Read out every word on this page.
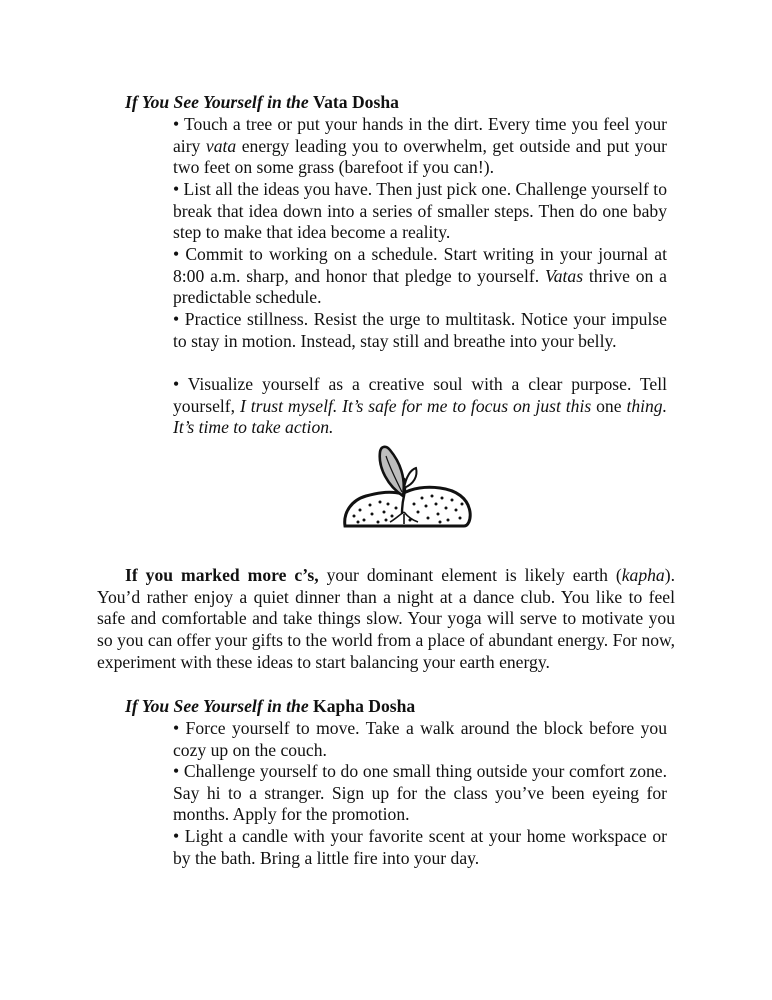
If You See Yourself in the Vata Dosha
• Touch a tree or put your hands in the dirt. Every time you feel your airy vata energy leading you to overwhelm, get outside and put your two feet on some grass (barefoot if you can!).
• List all the ideas you have. Then just pick one. Challenge yourself to break that idea down into a series of smaller steps. Then do one baby step to make that idea become a reality.
• Commit to working on a schedule. Start writing in your journal at 8:00 a.m. sharp, and honor that pledge to yourself. Vatas thrive on a predictable schedule.
• Practice stillness. Resist the urge to multitask. Notice your impulse to stay in motion. Instead, stay still and breathe into your belly.
• Visualize yourself as a creative soul with a clear purpose. Tell yourself, I trust myself. It’s safe for me to focus on just this one thing. It’s time to take action.
If you marked more c’s, your dominant element is likely earth (kapha). You’d rather enjoy a quiet dinner than a night at a dance club. You like to feel safe and comfortable and take things slow. Your yoga will serve to motivate you so you can offer your gifts to the world from a place of abundant energy. For now, experiment with these ideas to start balancing your earth energy.
If You See Yourself in the Kapha Dosha
• Force yourself to move. Take a walk around the block before you cozy up on the couch.
• Challenge yourself to do one small thing outside your comfort zone. Say hi to a stranger. Sign up for the class you’ve been eyeing for months. Apply for the promotion.
• Light a candle with your favorite scent at your home workspace or by the bath. Bring a little fire into your day.
